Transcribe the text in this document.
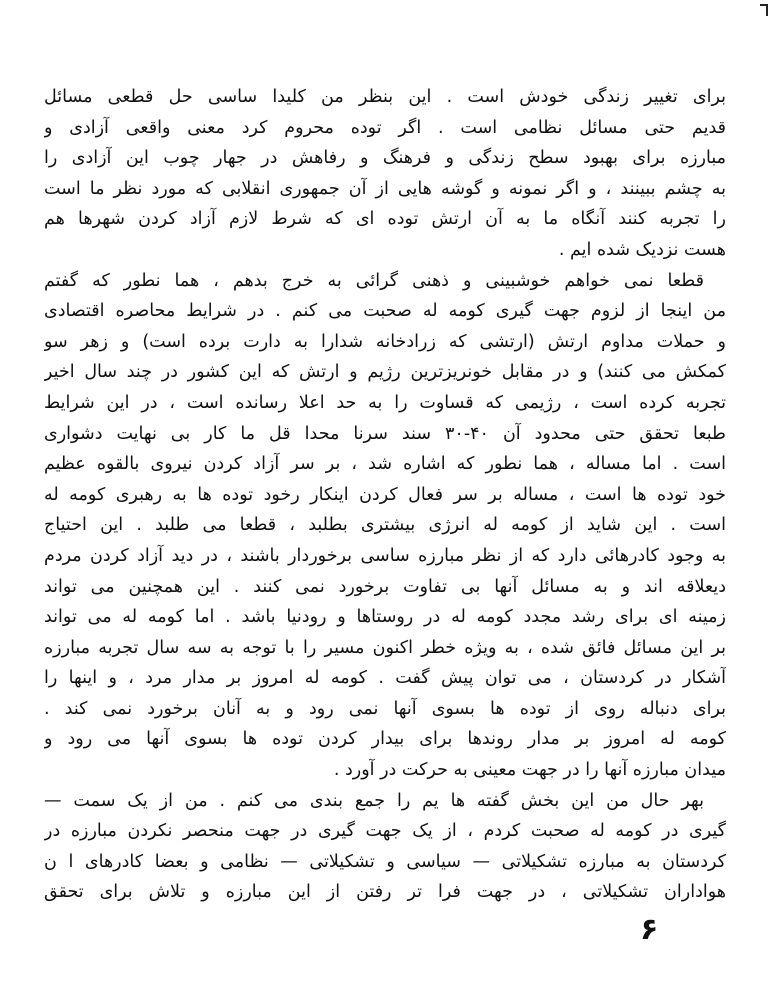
برای تغییر زندگی خودش است . این بنظر من کلیدا ساسی حل قطعی مسائل
قدیم حتی مسائل نظامی است . اگر توده محروم کرد معنی واقعی آزادی و
مبارزه برای بهبود سطح زندگی و فرهنگ و رفاهش در جهار چوب این آزادی را
به چشم ببینند ، و اگر نمونه و گوشه هایی از آن جمهوری انقلابی که مورد نظر ما است
را تجربه کنند آنگاه ما به آن ارتش توده ای که شرط لازم آزاد کردن شهرها هم
هست نزدیک شده ایم .
قطعا نمی خواهم خوشبینی و ذهنی گرائی به خرج بدهم ، هما نطور که گفتم
من اینجا از لزوم جهت گیری کومه له صحبت می کنم . در شرایط محاصره اقتصادی
و حملات مداوم ارتش (ارتشی که زرادخانه شدارا به دارت برده است) و زهر سو
کمکش می کنند) و در مقابل خونریزترین رژیم و ارتش که این کشور در چند سال اخیر
تجربه کرده است ، رژیمی که قساوت را به حد اعلا رسانده است ، در این شرایط
طبعا تحقق حتی محدود آن ۴۰-۳۰ سند سرنا محدا قل ما کار بی نهایت دشواری
است . اما مساله ، هما نطور که اشاره شد ، بر سر آزاد کردن نیروی بالقوه عظیم
خود توده ها است ، مساله بر سر فعال کردن اینکار رخود توده ها به رهبری کومه له
است . این شاید از کومه له انرژی بیشتری بطلبد ، قطعا می طلبد . این احتیاج
به وجود کادرهائی دارد که از نظر مبارزه ساسی برخوردار باشند ، در دید آزاد کردن مردم
دیعلاقه اند و به مسائل آنها بی تفاوت برخورد نمی کنند . این همچنین می تواند
زمینه ای برای رشد مجدد کومه له در روستاها و رودنیا باشد . اما کومه له می تواند
بر این مسائل فائق شده ، به ویژه خطر اکنون مسیر را با توجه به سه سال تجربه مبارزه
آشکار در کردستان ، می توان پیش گفت . کومه له امروز بر مدار مرد ، و اینها را
برای دنباله روی از توده ها بسوی آنها نمی رود و به آنان برخورد نمی کند .
کومه له امروز بر مدار روندها برای بیدار کردن توده ها بسوی آنها می رود و
میدان مبارزه آنها را در جهت معینی به حرکت در آورد .
بهر حال من این بخش گفته ها یم را جمع بندی می کنم . من از یک سمت —
گیری در کومه له صحبت کردم ، از یک جهت گیری در جهت منحصر نکردن مبارزه در
کردستان به مبارزه تشکیلاتی — سیاسی و تشکیلاتی — نظامی و بعضا کادرهای ا ن
هواداران تشکیلاتی ، در جهت فرا تر رفتن از این مبارزه و تلاش برای تحقق
۶
